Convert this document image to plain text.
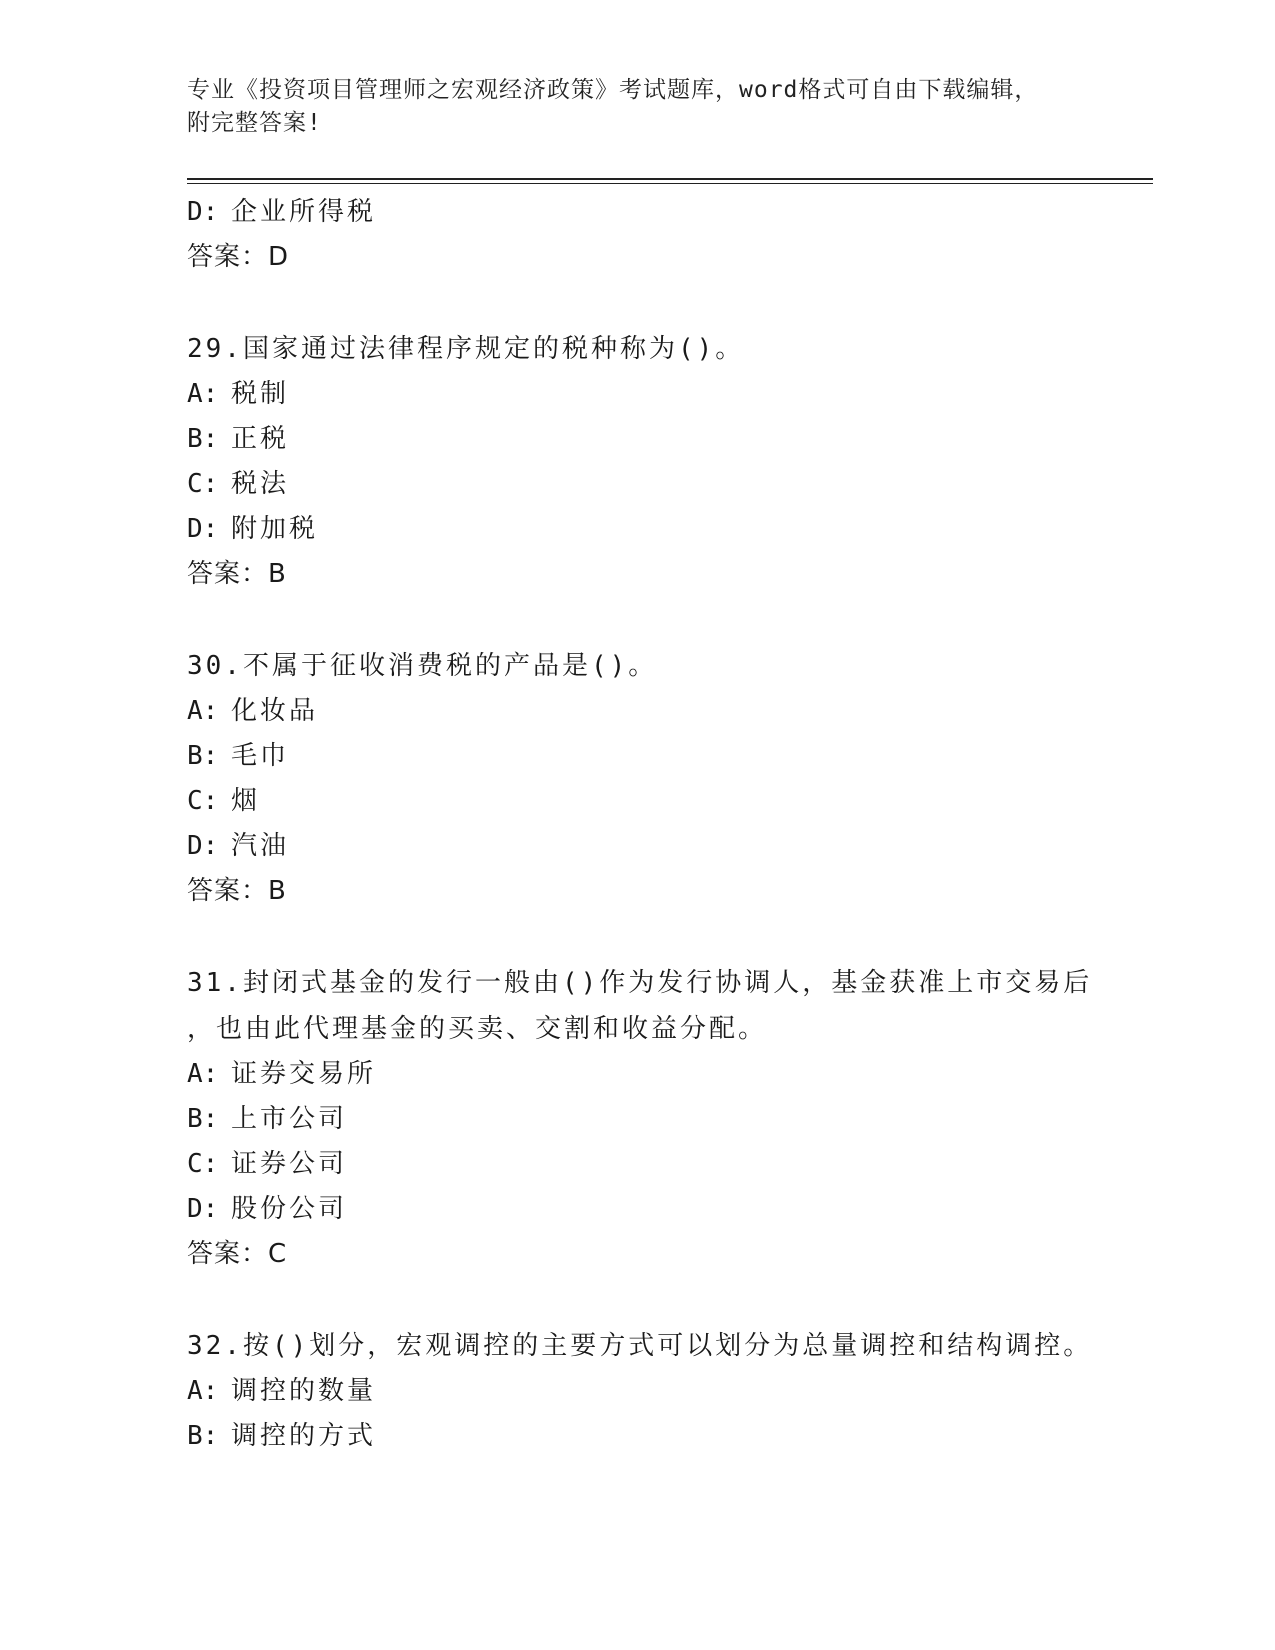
专业《投资项目管理师之宏观经济政策》考试题库，word格式可自由下载编辑，
附完整答案!
D: 企业所得税
答案：D
29.国家通过法律程序规定的税种称为()。
A: 税制
B: 正税
C: 税法
D: 附加税
答案：B
30.不属于征收消费税的产品是()。
A: 化妆品
B: 毛巾
C: 烟
D: 汽油
答案：B
31.封闭式基金的发行一般由()作为发行协调人，基金获准上市交易后
，也由此代理基金的买卖、交割和收益分配。
A: 证券交易所
B: 上市公司
C: 证券公司
D: 股份公司
答案：C
32.按()划分，宏观调控的主要方式可以划分为总量调控和结构调控。
A: 调控的数量
B: 调控的方式
